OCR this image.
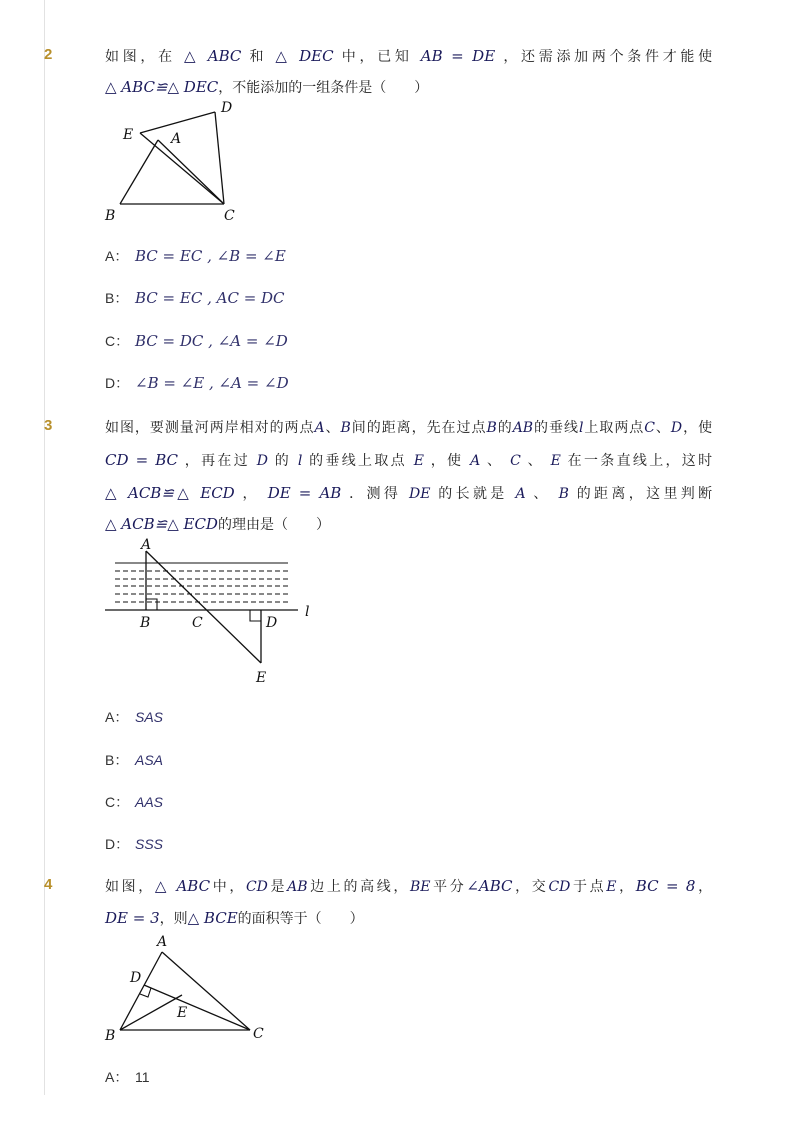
2	如图，在 △ ABC 和 △ DEC 中，已知 AB = DE ，还需添加两个条件才能使
△ ABC≌△ DEC，不能添加的一组条件是（　　）
D
E	A
B	C
A： BC = EC , ∠B = ∠E
B： BC = EC , AC = DC
C： BC = DC , ∠A = ∠D
D： ∠B = ∠E , ∠A = ∠D
3	如图，要测量河两岸相对的两点A、B间的距离，先在过点B的AB的垂线l上取两点C、D，使
CD = BC ，再在过 D 的 l 的垂线上取点 E ，使 A 、 C 、 E 在一条直线上，这时
△ ACB≌△ ECD ， DE = AB ．测得 DE 的长就是 A 、 B 的距离，这里判断
△ ACB≌△ ECD的理由是（　　）
A
B	C	D
E
l
A： SAS
B： ASA
C： AAS
D： SSS
4	如图，△ ABC中，CD是AB边上的高线，BE平分∠ABC，交CD于点E，BC = 8，
DE = 3，则△ BCE的面积等于（　　）
A
D
E
B	C
A： 11
